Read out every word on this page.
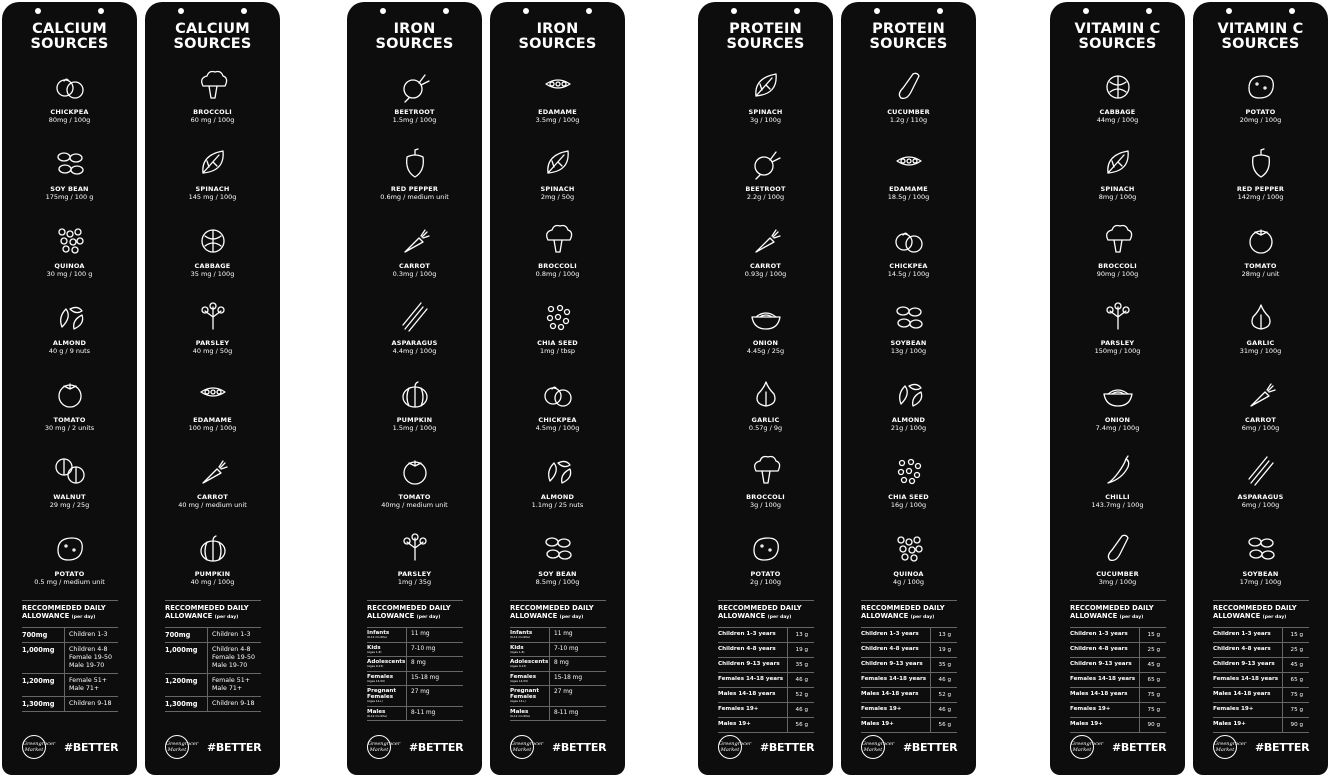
CALCIUM
SOURCES
CHICKPEA
80mg / 100g
SOY BEAN
175mg / 100 g
QUINOA
30 mg / 100 g
ALMOND
40 g / 9 nuts
TOMATO
30 mg / 2 units
WALNUT
29 mg / 25g
POTATO
0.5 mg / medium unit
RECCOMMEDED DAILY ALLOWANCE (per day)
700mg	Children 1-3
1,000mg	Children 4-8
Female 19-50
Male 19-70
1,200mg	Female 51+
Male 71+
1,300mg	Children 9-18
Greengrocer Market #BETTER
CALCIUM
SOURCES
BROCCOLI
60 mg / 100g
SPINACH
145 mg / 100g
CABBAGE
35 mg / 100g
PARSLEY
40 mg / 50g
EDAMAME
100 mg / 100g
CARROT
40 mg / medium unit
PUMPKIN
40 mg / 100g
RECCOMMEDED DAILY ALLOWANCE (per day)
700mg	Children 1-3
1,000mg	Children 4-8
Female 19-50
Male 19-70
1,200mg	Female 51+
Male 71+
1,300mg	Children 9-18
Greengrocer Market #BETTER
IRON
SOURCES
BEETROOT
1.5mg / 100g
RED PEPPER
0.6mg / medium unit
CARROT
0.3mg / 100g
ASPARAGUS
4.4mg / 100g
PUMPKIN
1.5mg / 100g
TOMATO
40mg / medium unit
PARSLEY
1mg / 35g
RECCOMMEDED DAILY ALLOWANCE (per day)
Infants
(6-12 months)	11 mg
Kids
(Ages 1-8)	7-10 mg
Adolescents
(Ages 9-13)	8 mg
Females
(Ages 14-50)	15-18 mg
Pregnant Females
(Ages 14+)
27 mg
Males
(6-12 months)	8-11 mg
Greengrocer Market #BETTER
IRON
SOURCES
EDAMAME
3.5mg / 100g
SPINACH
2mg / 50g
BROCCOLI
0.8mg / 100g
CHIA SEED
1mg / tbsp
CHICKPEA
4.5mg / 100g
ALMOND
1.1mg / 25 nuts
SOY BEAN
8.5mg / 100g
RECCOMMEDED DAILY ALLOWANCE (per day)
Infants
(6-12 months)	11 mg
Kids
(Ages 1-8)	7-10 mg
Adolescents
(Ages 9-13)	8 mg
Females
(Ages 14-50)	15-18 mg
Pregnant Females
(Ages 14+)
27 mg
Males
(6-12 months)	8-11 mg
Greengrocer Market #BETTER
PROTEIN
SOURCES
SPINACH
3g / 100g
BEETROOT
2.2g / 100g
CARROT
0.93g / 100g
ONION
4.45g / 25g
GARLIC
0.57g / 9g
BROCCOLI
3g / 100g
POTATO
2g / 100g
RECCOMMEDED DAILY ALLOWANCE (per day)
Children 1-3 years	13 g
Children 4-8 years	19 g
Children 9-13 years	35 g
Females 14-18 years	46 g
Males 14-18 years	52 g
Females 19+	46 g
Males 19+	56 g
Greengrocer Market #BETTER
PROTEIN
SOURCES
CUCUMBER
1.2g / 110g
EDAMAME
18.5g / 100g
CHICKPEA
14.5g / 100g
SOYBEAN
13g / 100g
ALMOND
21g / 100g
CHIA SEED
16g / 100g
QUINOA
4g / 100g
RECCOMMEDED DAILY ALLOWANCE (per day)
Children 1-3 years	13 g
Children 4-8 years	19 g
Children 9-13 years	35 g
Females 14-18 years	46 g
Males 14-18 years	52 g
Females 19+	46 g
Males 19+	56 g
Greengrocer Market #BETTER
VITAMIN C
SOURCES
CABBAGE
44mg / 100g
SPINACH
8mg / 100g
BROCCOLI
90mg / 100g
PARSLEY
150mg / 100g
ONION
7.4mg / 100g
CHILLI
143.7mg / 100g
CUCUMBER
3mg / 100g
RECCOMMEDED DAILY ALLOWANCE (per day)
Children 1-3 years	15 g
Children 4-8 years	25 g
Children 9-13 years	45 g
Females 14-18 years	65 g
Males 14-18 years	75 g
Females 19+	75 g
Males 19+	90 g
Greengrocer Market #BETTER
VITAMIN C
SOURCES
POTATO
20mg / 100g
RED PEPPER
142mg / 100g
TOMATO
28mg / unit
GARLIC
31mg / 100g
CARROT
6mg / 100g
ASPARAGUS
6mg / 100g
SOYBEAN
17mg / 100g
RECCOMMEDED DAILY ALLOWANCE (per day)
Children 1-3 years	15 g
Children 4-8 years	25 g
Children 9-13 years	45 g
Females 14-18 years	65 g
Males 14-18 years	75 g
Females 19+	75 g
Males 19+	90 g
Greengrocer Market #BETTER
